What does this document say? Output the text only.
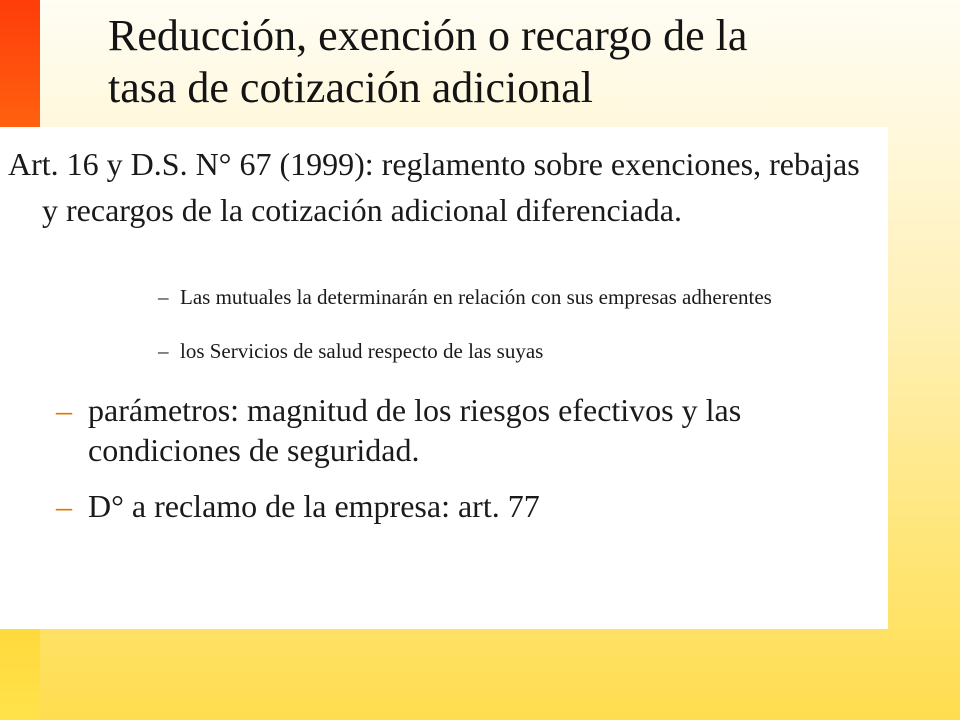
Reducción, exención o recargo de la
tasa de cotización adicional
Art. 16 y D.S. N° 67 (1999): reglamento sobre exenciones, rebajas y recargos de la cotización adicional diferenciada.
– Las mutuales la determinarán en relación con sus empresas adherentes
– los Servicios de salud respecto de las suyas
– parámetros: magnitud de los riesgos efectivos y las condiciones de seguridad.
– D° a reclamo de la empresa: art. 77
